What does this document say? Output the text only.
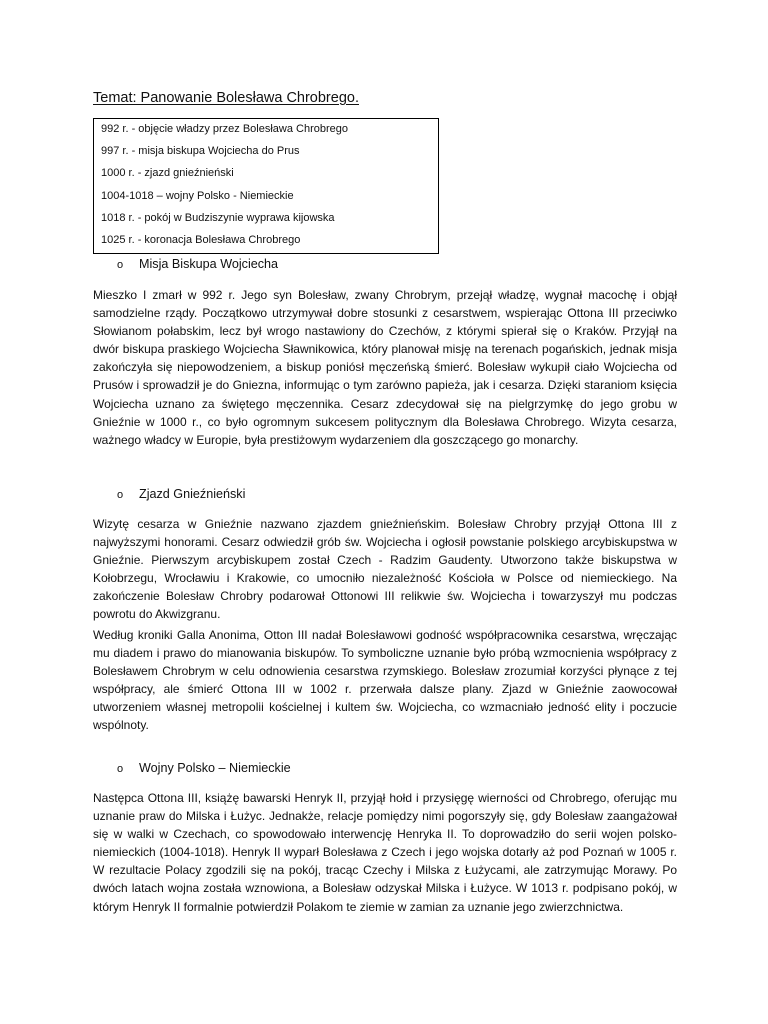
Temat: Panowanie Bolesława Chrobrego.
992 r. - objęcie władzy przez Bolesława Chrobrego
997 r. - misja biskupa Wojciecha do Prus
1000 r. - zjazd gnieźnieński
1004-1018 – wojny Polsko - Niemieckie
1018 r. - pokój w Budziszynie wyprawa kijowska
1025 r. - koronacja Bolesława Chrobrego
o Misja Biskupa Wojciecha
Mieszko I zmarł w 992 r. Jego syn Bolesław, zwany Chrobrym, przejął władzę, wygnał macochę i objął samodzielne rządy. Początkowo utrzymywał dobre stosunki z cesarstwem, wspierając Ottona III przeciwko Słowianom połabskim, lecz był wrogo nastawiony do Czechów, z którymi spierał się o Kraków. Przyjął na dwór biskupa praskiego Wojciecha Sławnikowica, który planował misję na terenach pogańskich, jednak misja zakończyła się niepowodzeniem, a biskup poniósł męczeńską śmierć. Bolesław wykupił ciało Wojciecha od Prusów i sprowadził je do Gniezna, informując o tym zarówno papieża, jak i cesarza. Dzięki staraniom księcia Wojciecha uznano za świętego męczennika. Cesarz zdecydował się na pielgrzymkę do jego grobu w Gnieźnie w 1000 r., co było ogromnym sukcesem politycznym dla Bolesława Chrobrego. Wizyta cesarza, ważnego władcy w Europie, była prestiżowym wydarzeniem dla goszczącego go monarchy.
o Zjazd Gnieźnieński
Wizytę cesarza w Gnieźnie nazwano zjazdem gnieźnieńskim. Bolesław Chrobry przyjął Ottona III z najwyższymi honorami. Cesarz odwiedził grób św. Wojciecha i ogłosił powstanie polskiego arcybiskupstwa w Gnieźnie. Pierwszym arcybiskupem został Czech - Radzim Gaudenty. Utworzono także biskupstwa w Kołobrzegu, Wrocławiu i Krakowie, co umocniło niezależność Kościoła w Polsce od niemieckiego. Na zakończenie Bolesław Chrobry podarował Ottonowi III relikwie św. Wojciecha i towarzyszył mu podczas powrotu do Akwizgranu.
Według kroniki Galla Anonima, Otton III nadał Bolesławowi godność współpracownika cesarstwa, wręczając mu diadem i prawo do mianowania biskupów. To symboliczne uznanie było próbą wzmocnienia współpracy z Bolesławem Chrobrym w celu odnowienia cesarstwa rzymskiego. Bolesław zrozumiał korzyści płynące z tej współpracy, ale śmierć Ottona III w 1002 r. przerwała dalsze plany. Zjazd w Gnieźnie zaowocował utworzeniem własnej metropolii kościelnej i kultem św. Wojciecha, co wzmacniało jedność elity i poczucie wspólnoty.
o Wojny Polsko – Niemieckie
Następca Ottona III, książę bawarski Henryk II, przyjął hołd i przysięgę wierności od Chrobrego, oferując mu uznanie praw do Milska i Łużyc. Jednakże, relacje pomiędzy nimi pogorszyły się, gdy Bolesław zaangażował się w walki w Czechach, co spowodowało interwencję Henryka II. To doprowadziło do serii wojen polsko-niemieckich (1004-1018). Henryk II wyparł Bolesława z Czech i jego wojska dotarły aż pod Poznań w 1005 r. W rezultacie Polacy zgodzili się na pokój, tracąc Czechy i Milska z Łużycami, ale zatrzymując Morawy. Po dwóch latach wojna została wznowiona, a Bolesław odzyskał Milska i Łużyce. W 1013 r. podpisano pokój, w którym Henryk II formalnie potwierdził Polakom te ziemie w zamian za uznanie jego zwierzchnictwa.
